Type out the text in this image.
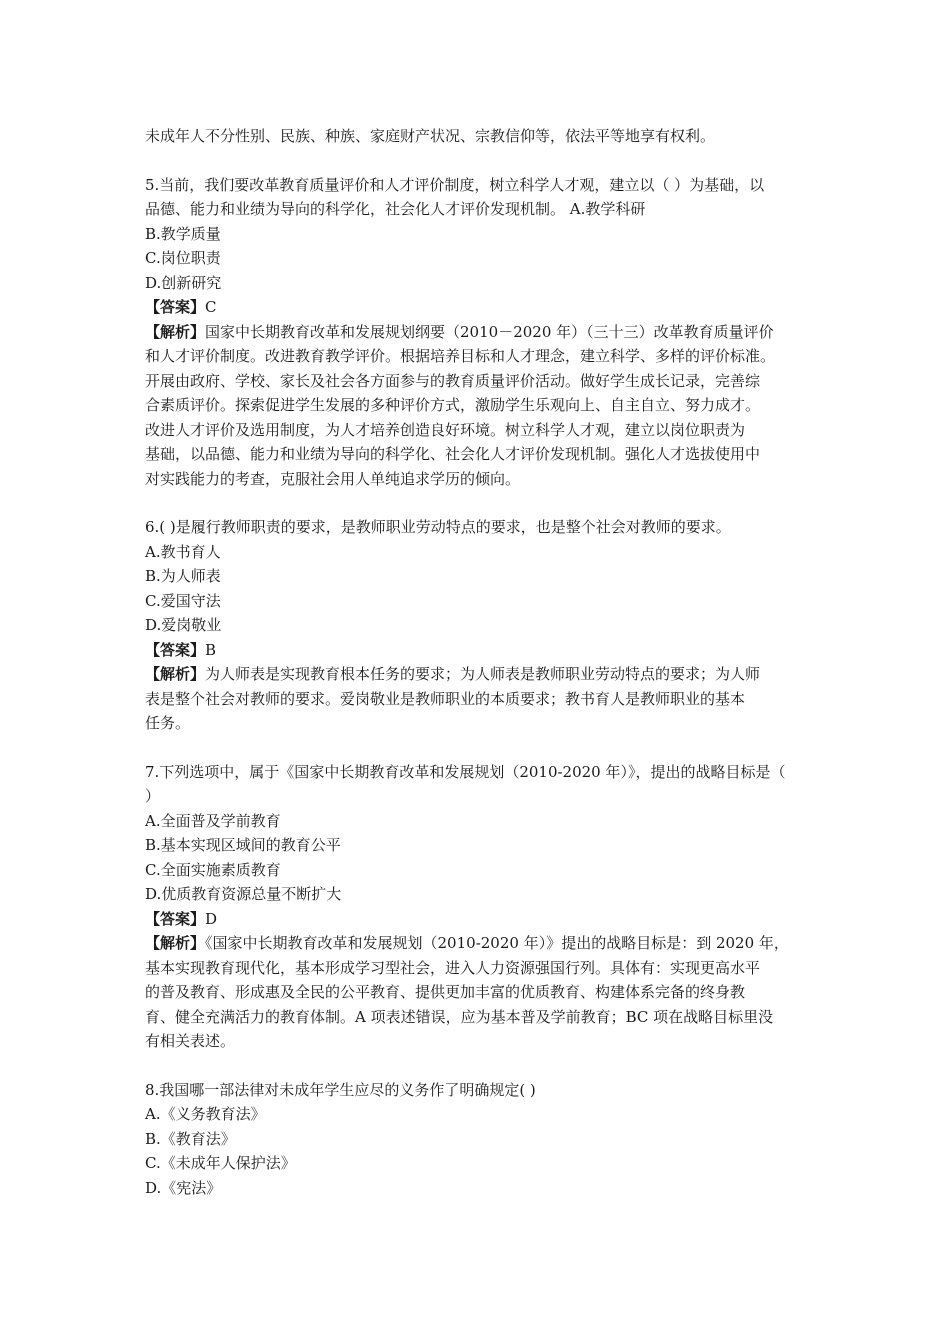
未成年人不分性别、民族、种族、家庭财产状况、宗教信仰等，依法平等地享有权利。
5.当前，我们要改革教育质量评价和人才评价制度，树立科学人才观，建立以（ ）为基础，以
品德、能力和业绩为导向的科学化，社会化人才评价发现机制。 A.教学科研
B.教学质量
C.岗位职责
D.创新研究
【答案】C
【解析】国家中长期教育改革和发展规划纲要（2010－2020 年）（三十三）改革教育质量评价
和人才评价制度。改进教育教学评价。根据培养目标和人才理念，建立科学、多样的评价标准。
开展由政府、学校、家长及社会各方面参与的教育质量评价活动。做好学生成长记录，完善综
合素质评价。探索促进学生发展的多种评价方式，激励学生乐观向上、自主自立、努力成才。
改进人才评价及选用制度，为人才培养创造良好环境。树立科学人才观，建立以岗位职责为
基础，以品德、能力和业绩为导向的科学化、社会化人才评价发现机制。强化人才选拔使用中
对实践能力的考查，克服社会用人单纯追求学历的倾向。
6.( )是履行教师职责的要求，是教师职业劳动特点的要求，也是整个社会对教师的要求。
A.教书育人
B.为人师表
C.爱国守法
D.爱岗敬业
【答案】B
【解析】为人师表是实现教育根本任务的要求；为人师表是教师职业劳动特点的要求；为人师
表是整个社会对教师的要求。爱岗敬业是教师职业的本质要求；教书育人是教师职业的基本
任务。
7.下列选项中，属于《国家中长期教育改革和发展规划（2010-2020 年）》，提出的战略目标是（
）
A.全面普及学前教育
B.基本实现区域间的教育公平
C.全面实施素质教育
D.优质教育资源总量不断扩大
【答案】D
【解析】《国家中长期教育改革和发展规划（2010-2020 年）》提出的战略目标是：到 2020 年，
基本实现教育现代化，基本形成学习型社会，进入人力资源强国行列。具体有：实现更高水平
的普及教育、形成惠及全民的公平教育、提供更加丰富的优质教育、构建体系完备的终身教
育、健全充满活力的教育体制。A 项表述错误，应为基本普及学前教育；BC 项在战略目标里没
有相关表述。
8.我国哪一部法律对未成年学生应尽的义务作了明确规定( )
A.《义务教育法》
B.《教育法》
C.《未成年人保护法》
D.《宪法》
